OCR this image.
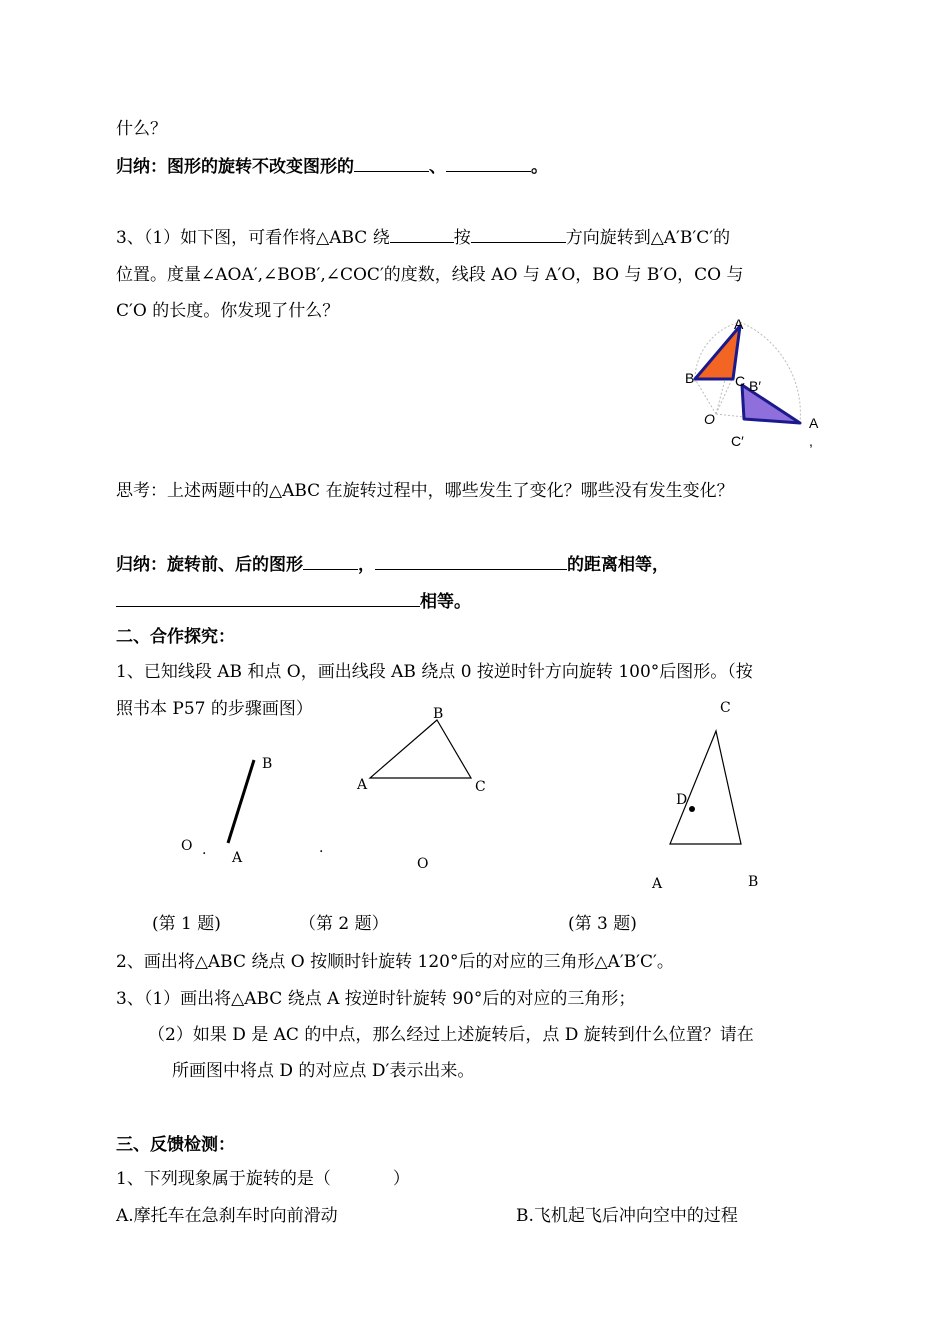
什么？
归纳：图形的旋转不改变图形的	、	。
3、（1）如下图，可看作将△ABC 绕	按	方向旋转到△A′B′C′的
位置。度量∠AOA′,∠BOB′,∠COC′的度数，线段 AO 与 A′O，BO 与 B′O，CO 与
C′O 的长度。你发现了什么？
A
B	C B′
O
C′
A
,
思考：上述两题中的△ABC 在旋转过程中，哪些发生了变化？哪些没有发生变化？
归纳：旋转前、后的图形	，	的距离相等，
相等。
二、合作探究：
1、已知线段 AB 和点 O，画出线段 AB 绕点 0 按逆时针方向旋转 100°后图形。（按
照书本 P57 的步骤画图）
B
O . A
B
A	C
.
O
C
D
A	B
(第 1 题)	（第 2 题）	(第 3 题)
2、画出将△ABC 绕点 O 按顺时针旋转 120°后的对应的三角形△A′B′C′。
3、（1）画出将△ABC 绕点 A 按逆时针旋转 90°后的对应的三角形；
（2）如果 D 是 AC 的中点，那么经过上述旋转后，点 D 旋转到什么位置？请在
所画图中将点 D 的对应点 D′表示出来。
三、反馈检测：
1、下列现象属于旋转的是（	）
A.摩托车在急刹车时向前滑动	B.飞机起飞后冲向空中的过程
